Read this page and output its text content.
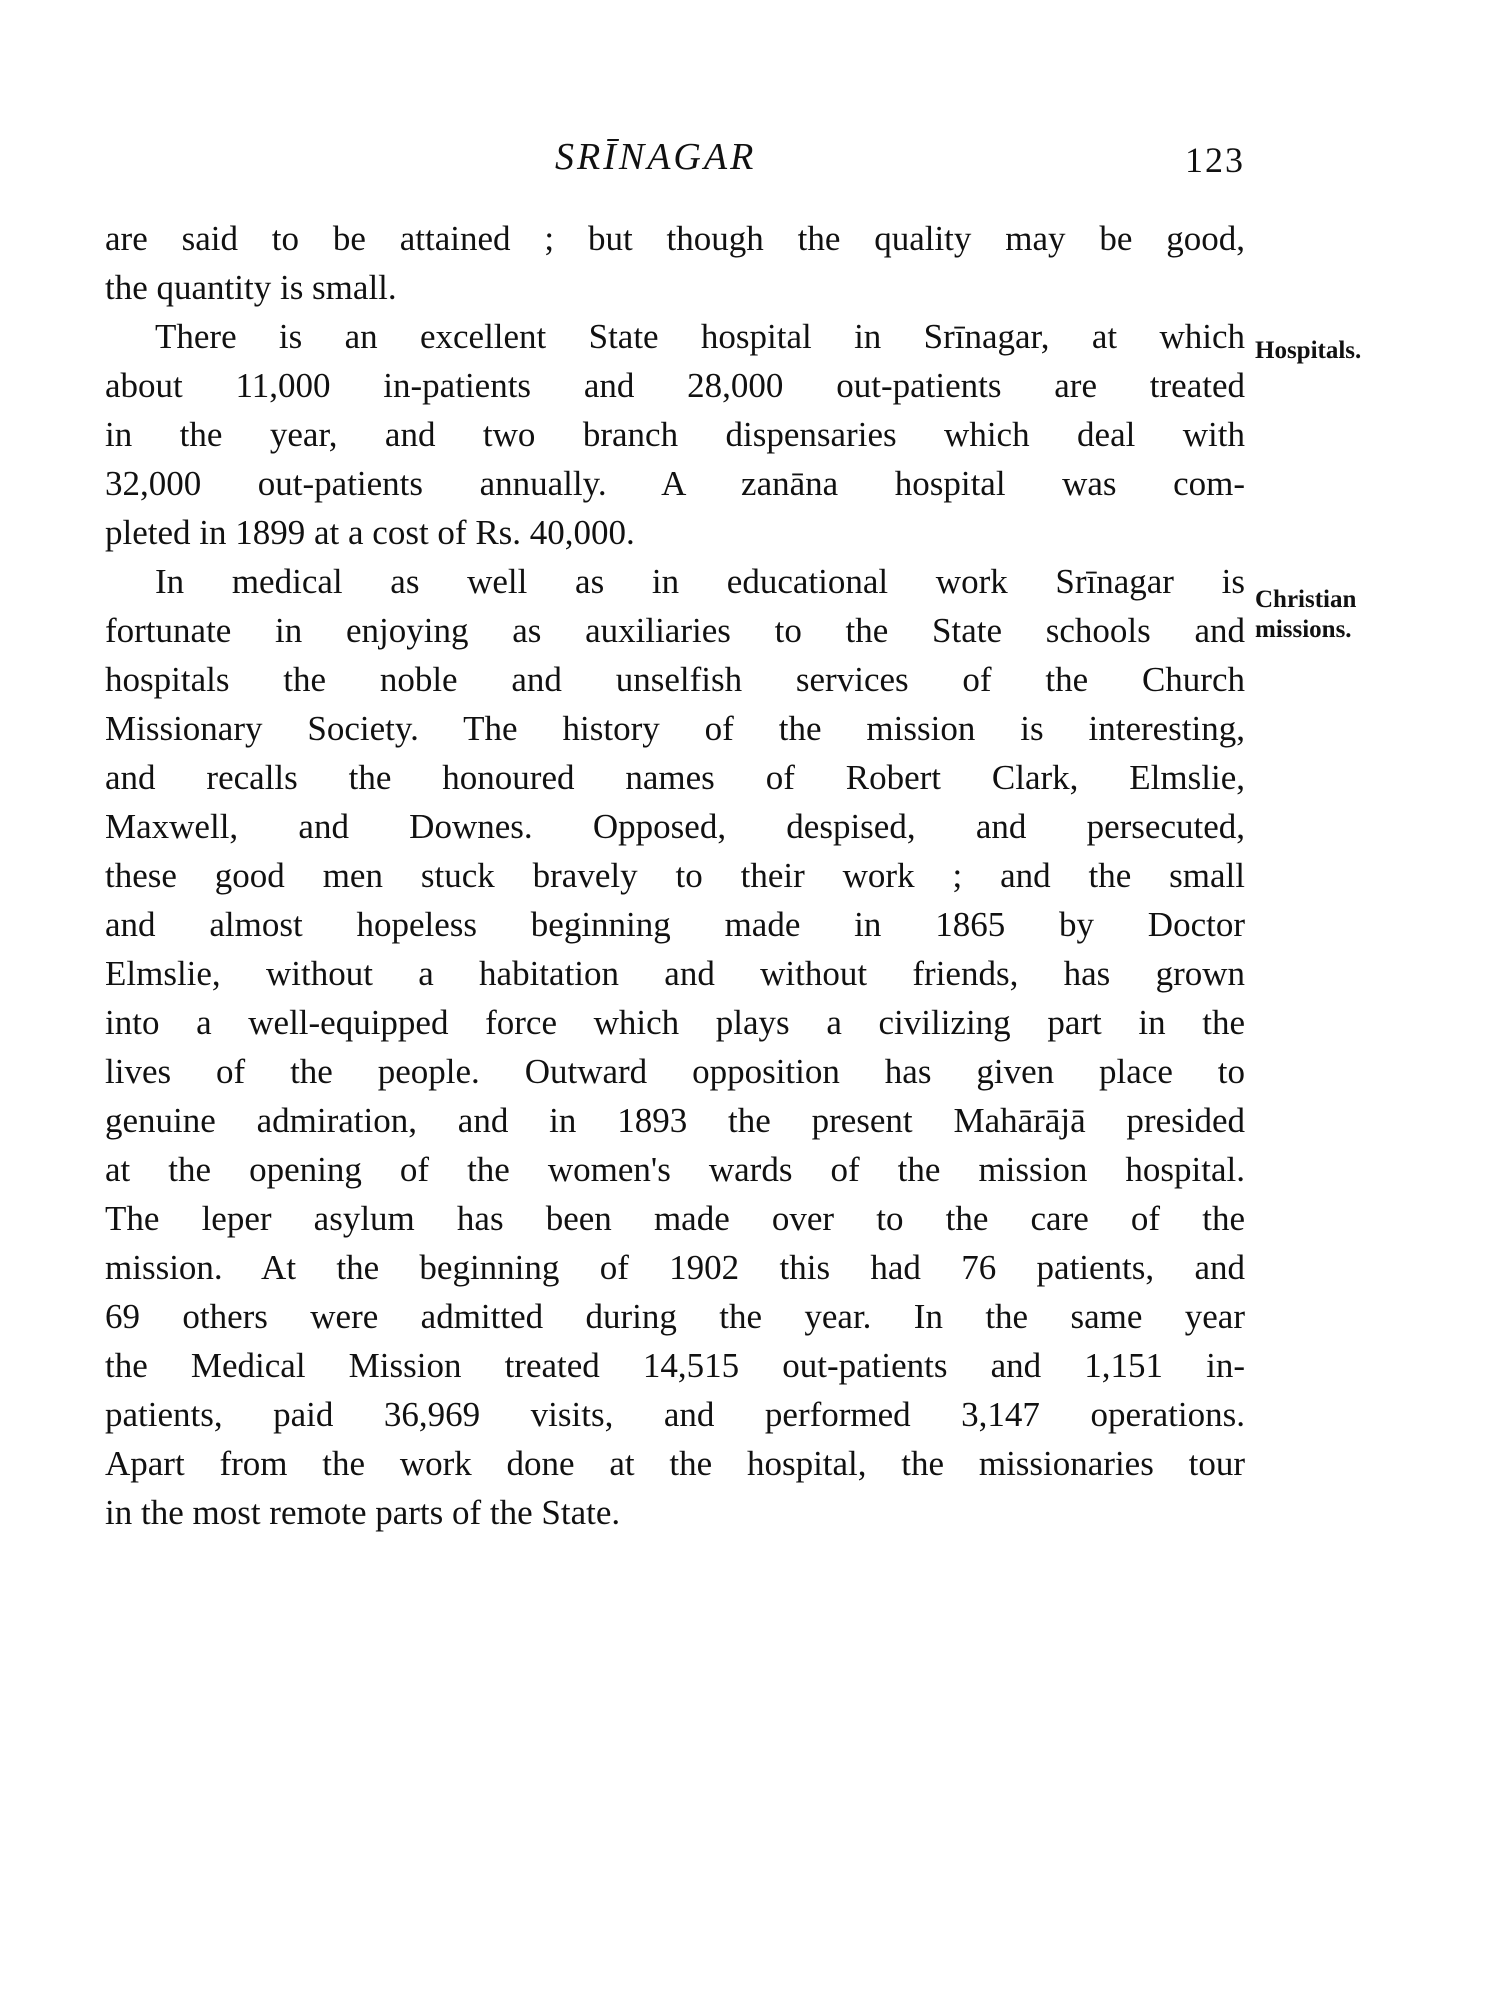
SRĪNAGAR	123
are said to be attained ; but though the quality may be good,
the quantity is small.
There is an excellent State hospital in Srīnagar, at which
about 11,000 in-patients and 28,000 out-patients are treated
in the year, and two branch dispensaries which deal with
32,000 out-patients annually. A zanāna hospital was com-
pleted in 1899 at a cost of Rs. 40,000.
In medical as well as in educational work Srīnagar is
fortunate in enjoying as auxiliaries to the State schools and
hospitals the noble and unselfish services of the Church
Missionary Society. The history of the mission is interesting,
and recalls the honoured names of Robert Clark, Elmslie,
Maxwell, and Downes. Opposed, despised, and persecuted,
these good men stuck bravely to their work ; and the small
and almost hopeless beginning made in 1865 by Doctor
Elmslie, without a habitation and without friends, has grown
into a well-equipped force which plays a civilizing part in the
lives of the people. Outward opposition has given place to
genuine admiration, and in 1893 the present Mahārājā presided
at the opening of the women's wards of the mission hospital.
The leper asylum has been made over to the care of the
mission. At the beginning of 1902 this had 76 patients, and
69 others were admitted during the year. In the same year
the Medical Mission treated 14,515 out-patients and 1,151 in-
patients, paid 36,969 visits, and performed 3,147 operations.
Apart from the work done at the hospital, the missionaries tour
in the most remote parts of the State.
Hospitals.
Christian
missions.
